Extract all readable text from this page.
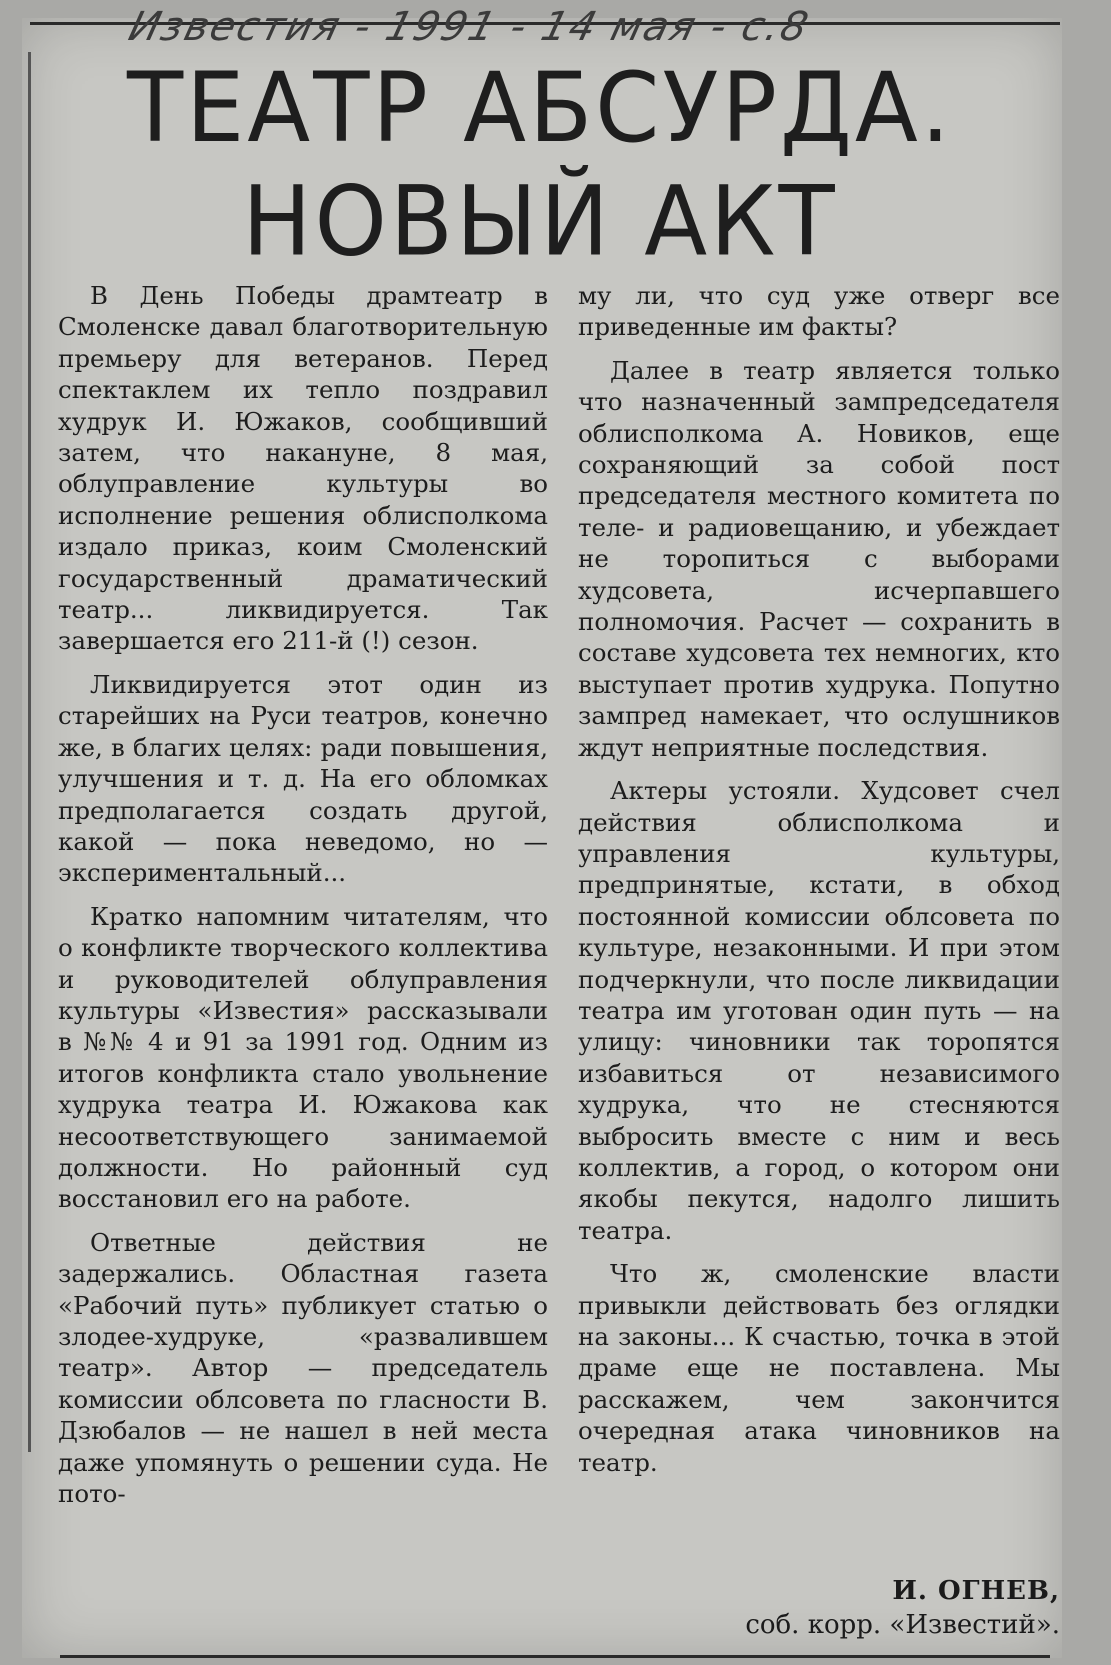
Известия - 1991 - 14 мая - с.8
ТЕАТР АБСУРДА.
НОВЫЙ АКТ

В День Победы драмтеатр в Смоленске давал благотворительную премьеру для ветеранов. Перед спектаклем их тепло поздравил худрук И. Южаков, сообщивший затем, что накануне, 8 мая, облуправление культуры во исполнение решения облисполкома издало приказ, коим Смоленский государственный драматический театр... ликвидируется. Так завершается его 211-й (!) сезон.

Ликвидируется этот один из старейших на Руси театров, конечно же, в благих целях: ради повышения, улучшения и т. д. На его обломках предполагается создать другой, какой — пока неведомо, но — экспериментальный...

Кратко напомним читателям, что о конфликте творческого коллектива и руководителей облуправления культуры «Известия» рассказывали в №№ 4 и 91 за 1991 год. Одним из итогов конфликта стало увольнение худрука театра И. Южакова как несоответствующего занимаемой должности. Но районный суд восстановил его на работе.

Ответные действия не задержались. Областная газета «Рабочий путь» публикует статью о злодее-худруке, «развалившем театр». Автор — председатель комиссии облсовета по гласности В. Дзюбалов — не нашел в ней места даже упомянуть о решении суда. Не пото-

му ли, что суд уже отверг все приведенные им факты?

Далее в театр является только что назначенный зампредседателя облисполкома А. Новиков, еще сохраняющий за собой пост председателя местного комитета по теле- и радиовещанию, и убеждает не торопиться с выборами худсовета, исчерпавшего полномочия. Расчет — сохранить в составе худсовета тех немногих, кто выступает против худрука. Попутно зампред намекает, что ослушников ждут неприятные последствия.

Актеры устояли. Худсовет счел действия облисполкома и управления культуры, предпринятые, кстати, в обход постоянной комиссии облсовета по культуре, незаконными. И при этом подчеркнули, что после ликвидации театра им уготован один путь — на улицу: чиновники так торопятся избавиться от независимого худрука, что не стесняются выбросить вместе с ним и весь коллектив, а город, о котором они якобы пекутся, надолго лишить театра.

Что ж, смоленские власти привыкли действовать без оглядки на законы... К счастью, точка в этой драме еще не поставлена. Мы расскажем, чем закончится очередная атака чиновников на театр.

И. ОГНЕВ,
соб. корр. «Известий».
